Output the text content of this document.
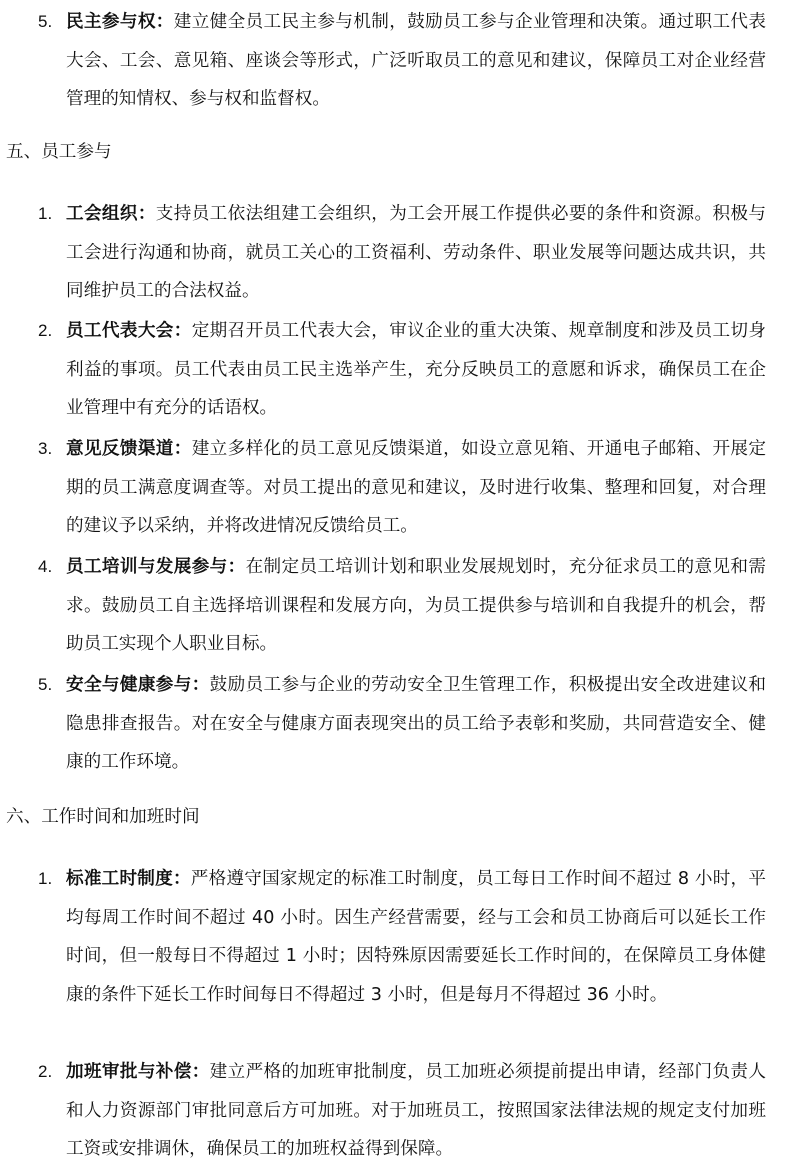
5. 民主参与权：建立健全员工民主参与机制，鼓励员工参与企业管理和决策。通过职工代表大会、工会、意见箱、座谈会等形式，广泛听取员工的意见和建议，保障员工对企业经营管理的知情权、参与权和监督权。
五、员工参与
1. 工会组织：支持员工依法组建工会组织，为工会开展工作提供必要的条件和资源。积极与工会进行沟通和协商，就员工关心的工资福利、劳动条件、职业发展等问题达成共识，共同维护员工的合法权益。
2. 员工代表大会：定期召开员工代表大会，审议企业的重大决策、规章制度和涉及员工切身利益的事项。员工代表由员工民主选举产生，充分反映员工的意愿和诉求，确保员工在企业管理中有充分的话语权。
3. 意见反馈渠道：建立多样化的员工意见反馈渠道，如设立意见箱、开通电子邮箱、开展定期的员工满意度调查等。对员工提出的意见和建议，及时进行收集、整理和回复，对合理的建议予以采纳，并将改进情况反馈给员工。
4. 员工培训与发展参与：在制定员工培训计划和职业发展规划时，充分征求员工的意见和需求。鼓励员工自主选择培训课程和发展方向，为员工提供参与培训和自我提升的机会，帮助员工实现个人职业目标。
5. 安全与健康参与：鼓励员工参与企业的劳动安全卫生管理工作，积极提出安全改进建议和隐患排查报告。对在安全与健康方面表现突出的员工给予表彰和奖励，共同营造安全、健康的工作环境。
六、工作时间和加班时间
1. 标准工时制度：严格遵守国家规定的标准工时制度，员工每日工作时间不超过 8 小时，平均每周工作时间不超过 40 小时。因生产经营需要，经与工会和员工协商后可以延长工作时间，但一般每日不得超过 1 小时；因特殊原因需要延长工作时间的，在保障员工身体健康的条件下延长工作时间每日不得超过 3 小时，但是每月不得超过 36 小时。
2. 加班审批与补偿：建立严格的加班审批制度，员工加班必须提前提出申请，经部门负责人和人力资源部门审批同意后方可加班。对于加班员工，按照国家法律法规的规定支付加班工资或安排调休，确保员工的加班权益得到保障。
